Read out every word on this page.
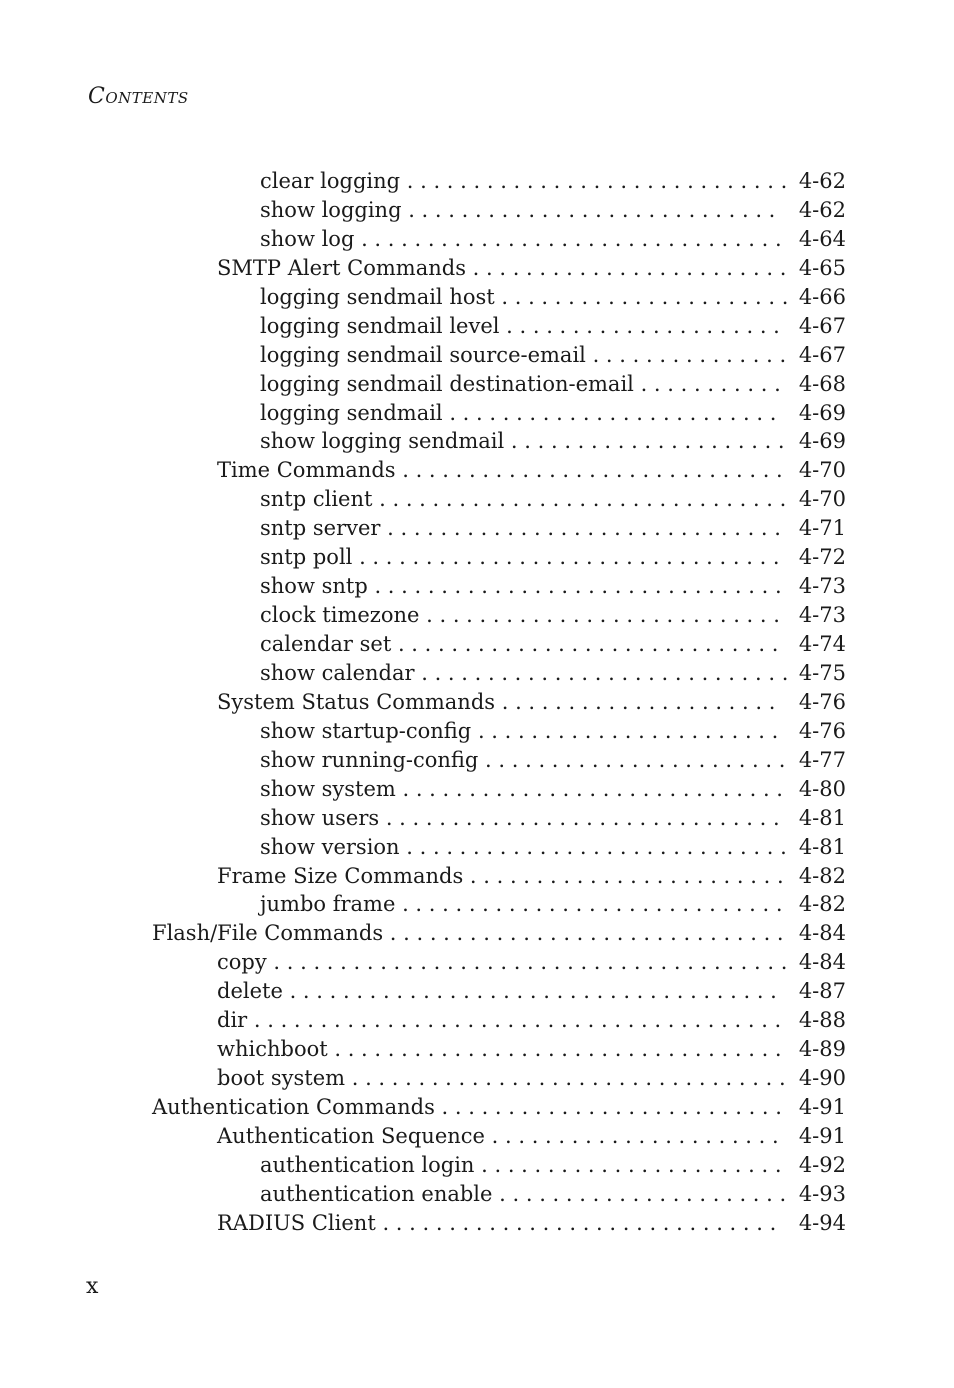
Contents
clear logging . . . . . . . . . . . . . . . . . . . . . . . . . . . . . 4-62
show logging . . . . . . . . . . . . . . . . . . . . . . . . . . . . 4-62
show log . . . . . . . . . . . . . . . . . . . . . . . . . . . . . . . . 4-64
SMTP Alert Commands . . . . . . . . . . . . . . . . . . . . . . . . 4-65
logging sendmail host . . . . . . . . . . . . . . . . . . . . . . 4-66
logging sendmail level . . . . . . . . . . . . . . . . . . . . . 4-67
logging sendmail source-email . . . . . . . . . . . . . . . 4-67
logging sendmail destination-email . . . . . . . . . . . 4-68
logging sendmail . . . . . . . . . . . . . . . . . . . . . . . . . 4-69
show logging sendmail . . . . . . . . . . . . . . . . . . . . . 4-69
Time Commands . . . . . . . . . . . . . . . . . . . . . . . . . . . . . 4-70
sntp client . . . . . . . . . . . . . . . . . . . . . . . . . . . . . . . 4-70
sntp server . . . . . . . . . . . . . . . . . . . . . . . . . . . . . . 4-71
sntp poll . . . . . . . . . . . . . . . . . . . . . . . . . . . . . . . . 4-72
show sntp . . . . . . . . . . . . . . . . . . . . . . . . . . . . . . . 4-73
clock timezone . . . . . . . . . . . . . . . . . . . . . . . . . . . 4-73
calendar set . . . . . . . . . . . . . . . . . . . . . . . . . . . . . 4-74
show calendar . . . . . . . . . . . . . . . . . . . . . . . . . . . . 4-75
System Status Commands . . . . . . . . . . . . . . . . . . . . . 4-76
show startup-config . . . . . . . . . . . . . . . . . . . . . . . 4-76
show running-config . . . . . . . . . . . . . . . . . . . . . . . 4-77
show system . . . . . . . . . . . . . . . . . . . . . . . . . . . . . 4-80
show users . . . . . . . . . . . . . . . . . . . . . . . . . . . . . . 4-81
show version . . . . . . . . . . . . . . . . . . . . . . . . . . . . . 4-81
Frame Size Commands . . . . . . . . . . . . . . . . . . . . . . . . 4-82
jumbo frame . . . . . . . . . . . . . . . . . . . . . . . . . . . . . 4-82
Flash/File Commands . . . . . . . . . . . . . . . . . . . . . . . . . . . . . . 4-84
copy . . . . . . . . . . . . . . . . . . . . . . . . . . . . . . . . . . . . . . . 4-84
delete . . . . . . . . . . . . . . . . . . . . . . . . . . . . . . . . . . . . . 4-87
dir . . . . . . . . . . . . . . . . . . . . . . . . . . . . . . . . . . . . . . . . 4-88
whichboot . . . . . . . . . . . . . . . . . . . . . . . . . . . . . . . . . . 4-89
boot system . . . . . . . . . . . . . . . . . . . . . . . . . . . . . . . . . 4-90
Authentication Commands . . . . . . . . . . . . . . . . . . . . . . . . . . 4-91
Authentication Sequence . . . . . . . . . . . . . . . . . . . . . . 4-91
authentication login . . . . . . . . . . . . . . . . . . . . . . . 4-92
authentication enable . . . . . . . . . . . . . . . . . . . . . . 4-93
RADIUS Client . . . . . . . . . . . . . . . . . . . . . . . . . . . . . . 4-94
x
